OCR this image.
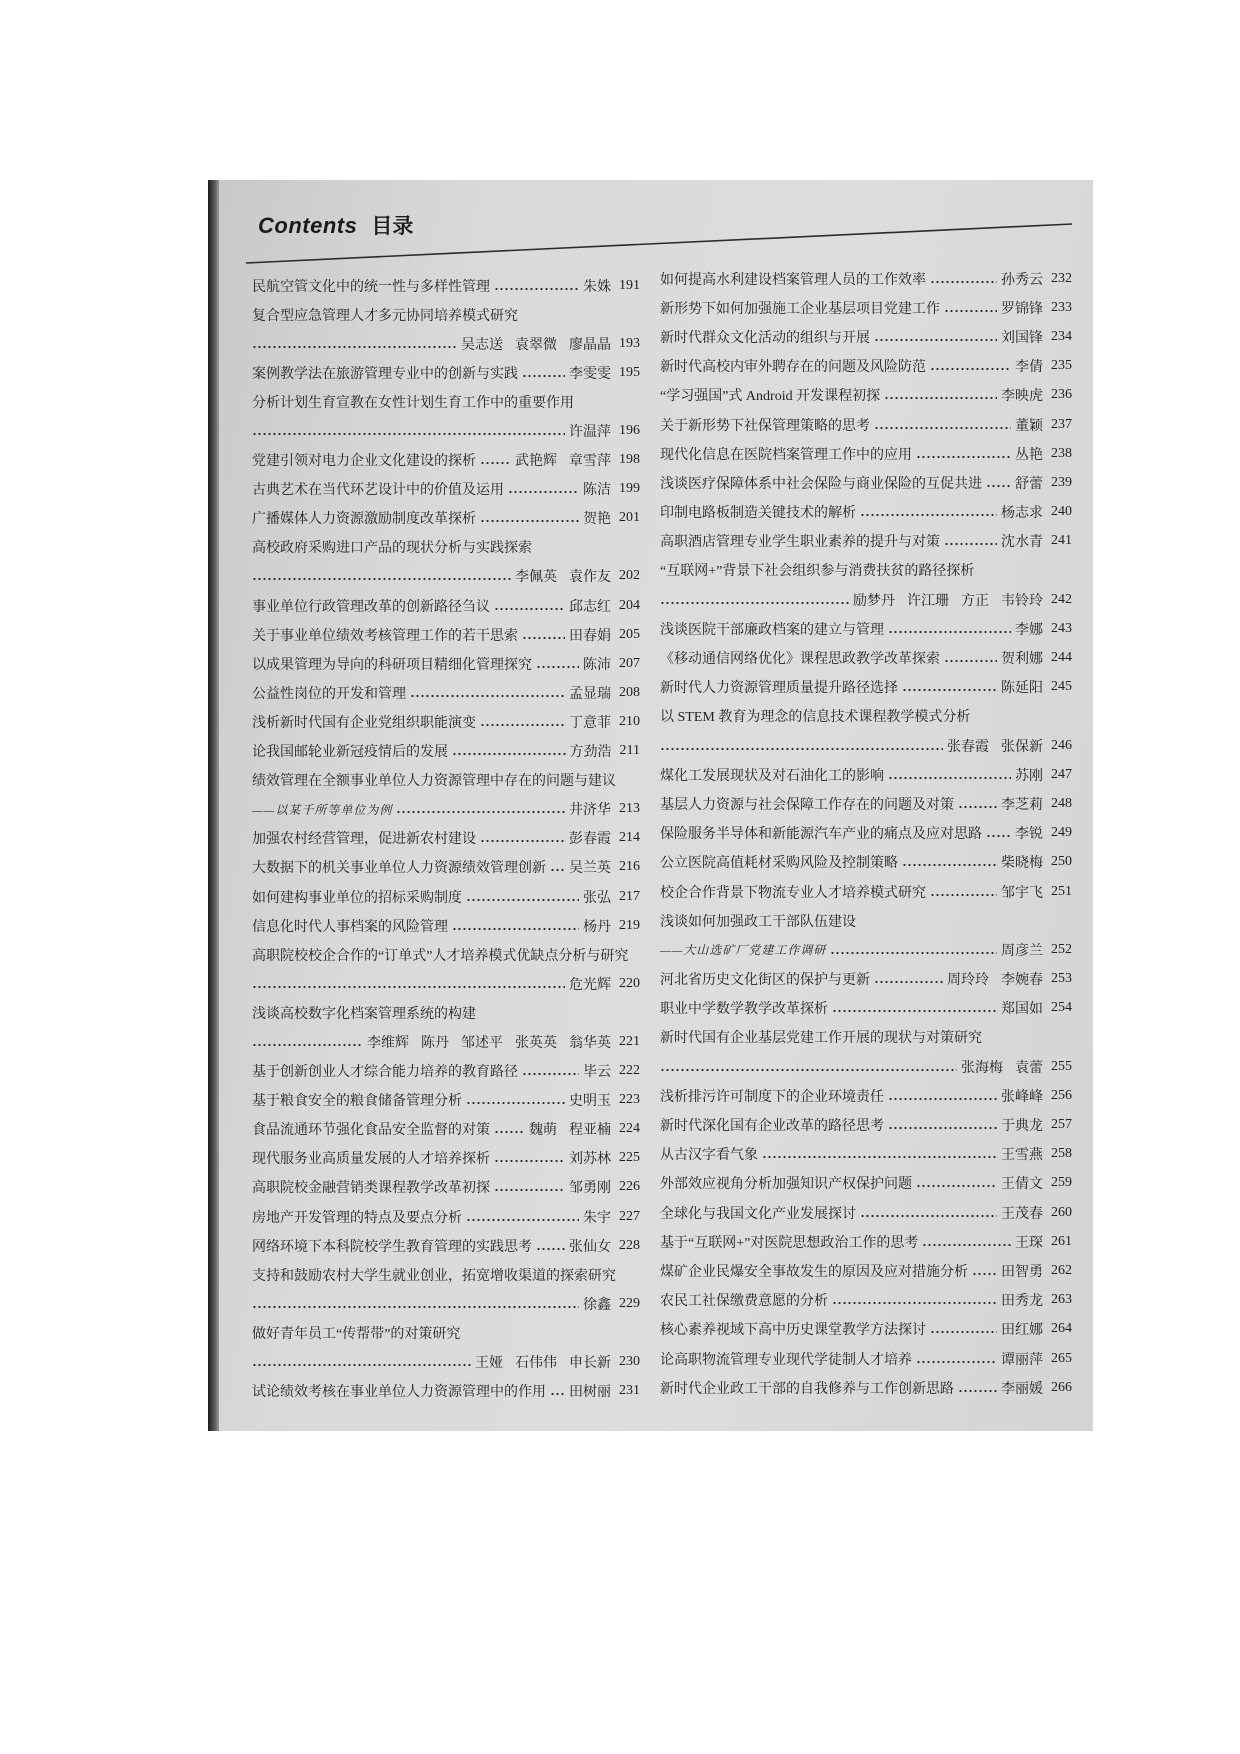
Contents 目录
民航空管文化中的统一性与多样性管理	朱姝 191
复合型应急管理人才多元协同培养模式研究
吴志送 袁翠微 廖晶晶 193
案例教学法在旅游管理专业中的创新与实践	李雯雯 195
分析计划生育宣教在女性计划生育工作中的重要作用
许温萍 196
党建引领对电力企业文化建设的探析	武艳辉 章雪萍 198
古典艺术在当代环艺设计中的价值及运用	陈洁 199
广播媒体人力资源激励制度改革探析	贺艳 201
高校政府采购进口产品的现状分析与实践探索
李佩英 袁作友 202
事业单位行政管理改革的创新路径刍议	邱志红 204
关于事业单位绩效考核管理工作的若干思索	田春娟 205
以成果管理为导向的科研项目精细化管理探究	陈沛 207
公益性岗位的开发和管理	孟显瑞 208
浅析新时代国有企业党组织职能演变	丁意菲 210
论我国邮轮业新冠疫情后的发展	方劲浩 211
绩效管理在全额事业单位人力资源管理中存在的问题与建议
——以某千所等单位为例	井济华 213
加强农村经营管理，促进新农村建设	彭春霞 214
大数据下的机关事业单位人力资源绩效管理创新 吴兰英 216
如何建构事业单位的招标采购制度	张弘 217
信息化时代人事档案的风险管理	杨丹 219
高职院校校企合作的“订单式”人才培养模式优缺点分析与研究
危光辉 220
浅谈高校数字化档案管理系统的构建
李维辉 陈丹 邹述平 张英英 翁华英 221
基于创新创业人才综合能力培养的教育路径	毕云 222
基于粮食安全的粮食储备管理分析	史明玉 223
食品流通环节强化食品安全监督的对策	魏萌 程亚楠 224
现代服务业高质量发展的人才培养探析	刘苏林 225
高职院校金融营销类课程教学改革初探	邹勇刚 226
房地产开发管理的特点及要点分析	朱宇 227
网络环境下本科院校学生教育管理的实践思考	张仙女 228
支持和鼓励农村大学生就业创业，拓宽增收渠道的探索研究
徐鑫 229
做好青年员工“传帮带”的对策研究
王娅 石伟伟 申长新 230
试论绩效考核在事业单位人力资源管理中的作用 田树丽 231
如何提高水利建设档案管理人员的工作效率	孙秀云 232
新形势下如何加强施工企业基层项目党建工作	罗锦锋 233
新时代群众文化活动的组织与开展	刘国锋 234
新时代高校内审外聘存在的问题及风险防范	李倩 235
“学习强国”式 Android 开发课程初探	李映虎 236
关于新形势下社保管理策略的思考	董颖 237
现代化信息在医院档案管理工作中的应用	丛艳 238
浅谈医疗保障体系中社会保险与商业保险的互促共进 舒蕾 239
印制电路板制造关键技术的解析	杨志求 240
高职酒店管理专业学生职业素养的提升与对策	沈水青 241
“互联网+”背景下社会组织参与消费扶贫的路径探析
励梦丹 许江珊 方正 韦铃玲 242
浅谈医院干部廉政档案的建立与管理	李娜 243
《移动通信网络优化》课程思政教学改革探索	贺利娜 244
新时代人力资源管理质量提升路径选择	陈延阳 245
以 STEM 教育为理念的信息技术课程教学模式分析
张春霞 张保新 246
煤化工发展现状及对石油化工的影响	苏刚 247
基层人力资源与社会保障工作存在的问题及对策	李芝莉 248
保险服务半导体和新能源汽车产业的痛点及应对思路 李锐 249
公立医院高值耗材采购风险及控制策略	柴晓梅 250
校企合作背景下物流专业人才培养模式研究	邹宇飞 251
浅谈如何加强政工干部队伍建设
——大山选矿厂党建工作调研	周彦兰 252
河北省历史文化街区的保护与更新	周玲玲 李婉春 253
职业中学数学教学改革探析	郑国如 254
新时代国有企业基层党建工作开展的现状与对策研究
张海梅 袁蕾 255
浅析排污许可制度下的企业环境责任	张峰峰 256
新时代深化国有企业改革的路径思考	于典龙 257
从古汉字看气象	王雪燕 258
外部效应视角分析加强知识产权保护问题	王倩文 259
全球化与我国文化产业发展探讨	王茂春 260
基于“互联网+”对医院思想政治工作的思考	王琛 261
煤矿企业民爆安全事故发生的原因及应对措施分析 田智勇 262
农民工社保缴费意愿的分析	田秀龙 263
核心素养视域下高中历史课堂教学方法探讨	田红娜 264
论高职物流管理专业现代学徒制人才培养	谭丽萍 265
新时代企业政工干部的自我修养与工作创新思路	李丽媛 266
